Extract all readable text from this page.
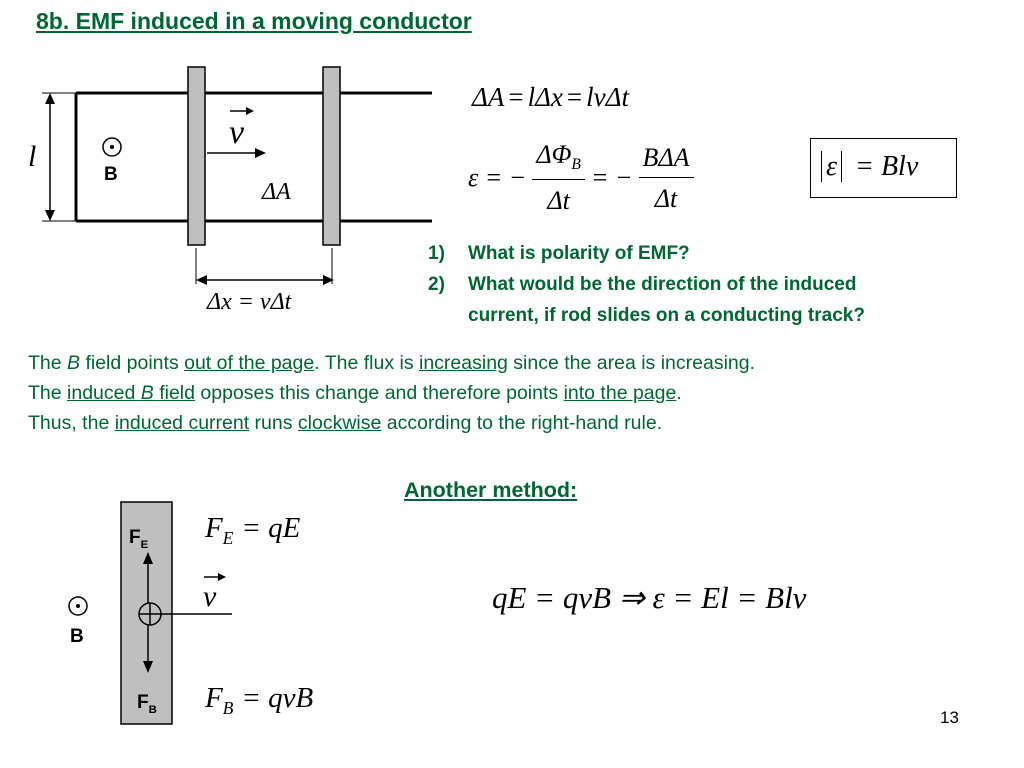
8b. EMF induced in a moving conductor
l
B
v
ΔA
Δx = vΔt
ΔA = lΔx = lvΔt
ε = − $\frac{\Delta\Phi_B}{\Delta t}$ = − $\frac{\text{BΔA}}{\Delta t}$	ε = Blv
1)	What is polarity of EMF?
2)	What would be the direction of the induced
current, if rod slides on a conducting track?
The B field points out of the page. The flux is increasing since the area is increasing.
The induced B field opposes this change and therefore points into the page.
Thus, the induced current runs clockwise according to the right-hand rule.
Another method:
$F_E$
$F_B$
B
v
$F_E$ = qE
$F_B$ = qvB
qE = qvB ⇒ ε = El = Blv
13
